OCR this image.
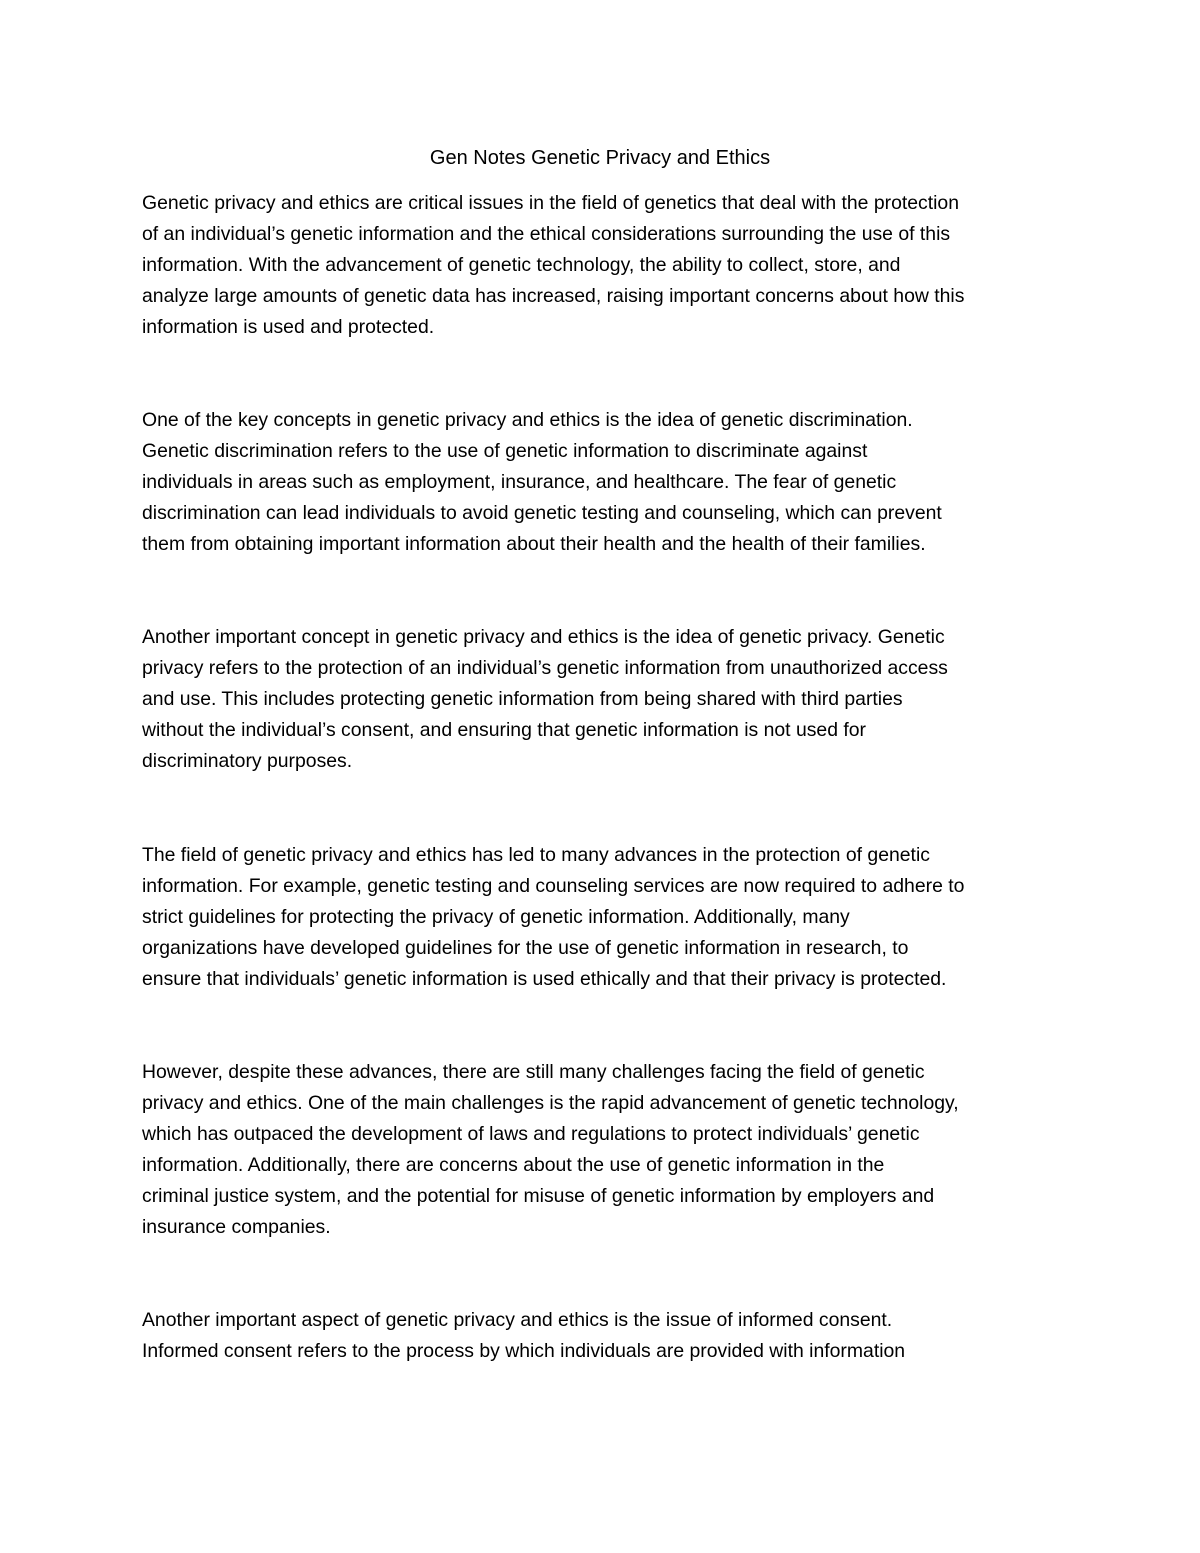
Gen Notes Genetic Privacy and Ethics
Genetic privacy and ethics are critical issues in the field of genetics that deal with the protection
of an individual’s genetic information and the ethical considerations surrounding the use of this
information. With the advancement of genetic technology, the ability to collect, store, and
analyze large amounts of genetic data has increased, raising important concerns about how this
information is used and protected.
One of the key concepts in genetic privacy and ethics is the idea of genetic discrimination.
Genetic discrimination refers to the use of genetic information to discriminate against
individuals in areas such as employment, insurance, and healthcare. The fear of genetic
discrimination can lead individuals to avoid genetic testing and counseling, which can prevent
them from obtaining important information about their health and the health of their families.
Another important concept in genetic privacy and ethics is the idea of genetic privacy. Genetic
privacy refers to the protection of an individual’s genetic information from unauthorized access
and use. This includes protecting genetic information from being shared with third parties
without the individual’s consent, and ensuring that genetic information is not used for
discriminatory purposes.
The field of genetic privacy and ethics has led to many advances in the protection of genetic
information. For example, genetic testing and counseling services are now required to adhere to
strict guidelines for protecting the privacy of genetic information. Additionally, many
organizations have developed guidelines for the use of genetic information in research, to
ensure that individuals’ genetic information is used ethically and that their privacy is protected.
However, despite these advances, there are still many challenges facing the field of genetic
privacy and ethics. One of the main challenges is the rapid advancement of genetic technology,
which has outpaced the development of laws and regulations to protect individuals’ genetic
information. Additionally, there are concerns about the use of genetic information in the
criminal justice system, and the potential for misuse of genetic information by employers and
insurance companies.
Another important aspect of genetic privacy and ethics is the issue of informed consent.
Informed consent refers to the process by which individuals are provided with information
